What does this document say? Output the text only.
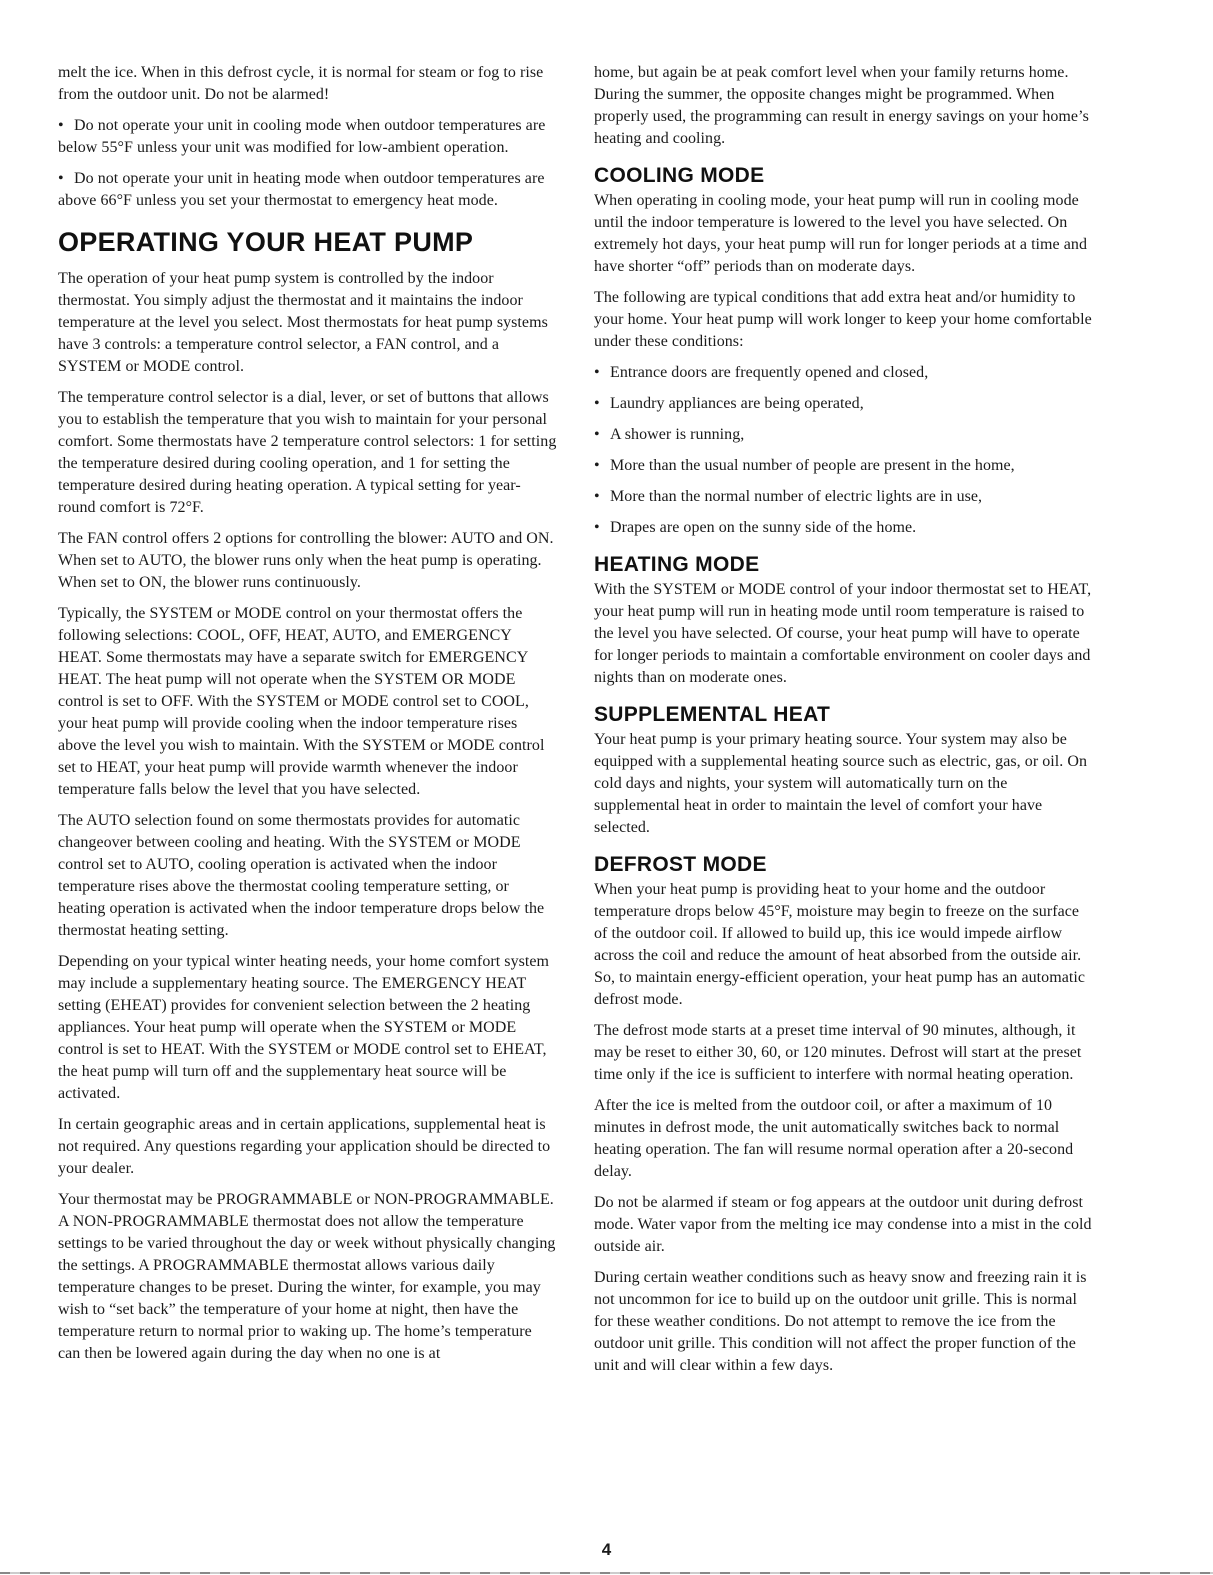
melt the ice. When in this defrost cycle, it is normal for steam or fog to rise from the outdoor unit. Do not be alarmed!

• Do not operate your unit in cooling mode when outdoor temperatures are below 55°F unless your unit was modified for low-ambient operation.

• Do not operate your unit in heating mode when outdoor temperatures are above 66°F unless you set your thermostat to emergency heat mode.

OPERATING YOUR HEAT PUMP

The operation of your heat pump system is controlled by the indoor thermostat. You simply adjust the thermostat and it maintains the indoor temperature at the level you select. Most thermostats for heat pump systems have 3 controls: a temperature control selector, a FAN control, and a SYSTEM or MODE control.

The temperature control selector is a dial, lever, or set of buttons that allows you to establish the temperature that you wish to maintain for your personal comfort. Some thermostats have 2 temperature control selectors: 1 for setting the temperature desired during cooling operation, and 1 for setting the temperature desired during heating operation. A typical setting for year-round comfort is 72°F.

The FAN control offers 2 options for controlling the blower: AUTO and ON. When set to AUTO, the blower runs only when the heat pump is operating. When set to ON, the blower runs continuously.

Typically, the SYSTEM or MODE control on your thermostat offers the following selections: COOL, OFF, HEAT, AUTO, and EMERGENCY HEAT. Some thermostats may have a separate switch for EMERGENCY HEAT. The heat pump will not operate when the SYSTEM OR MODE control is set to OFF. With the SYSTEM or MODE control set to COOL, your heat pump will provide cooling when the indoor temperature rises above the level you wish to maintain. With the SYSTEM or MODE control set to HEAT, your heat pump will provide warmth whenever the indoor temperature falls below the level that you have selected.

The AUTO selection found on some thermostats provides for automatic changeover between cooling and heating. With the SYSTEM or MODE control set to AUTO, cooling operation is activated when the indoor temperature rises above the thermostat cooling temperature setting, or heating operation is activated when the indoor temperature drops below the thermostat heating setting.

Depending on your typical winter heating needs, your home comfort system may include a supplementary heating source. The EMERGENCY HEAT setting (EHEAT) provides for convenient selection between the 2 heating appliances. Your heat pump will operate when the SYSTEM or MODE control is set to HEAT. With the SYSTEM or MODE control set to EHEAT, the heat pump will turn off and the supplementary heat source will be activated.

In certain geographic areas and in certain applications, supplemental heat is not required. Any questions regarding your application should be directed to your dealer.

Your thermostat may be PROGRAMMABLE or NON-PROGRAMMABLE. A NON-PROGRAMMABLE thermostat does not allow the temperature settings to be varied throughout the day or week without physically changing the settings. A PROGRAMMABLE thermostat allows various daily temperature changes to be preset. During the winter, for example, you may wish to “set back” the temperature of your home at night, then have the temperature return to normal prior to waking up. The home’s temperature can then be lowered again during the day when no one is at

home, but again be at peak comfort level when your family returns home. During the summer, the opposite changes might be programmed. When properly used, the programming can result in energy savings on your home’s heating and cooling.

COOLING MODE

When operating in cooling mode, your heat pump will run in cooling mode until the indoor temperature is lowered to the level you have selected. On extremely hot days, your heat pump will run for longer periods at a time and have shorter “off” periods than on moderate days.

The following are typical conditions that add extra heat and/or humidity to your home. Your heat pump will work longer to keep your home comfortable under these conditions:

• Entrance doors are frequently opened and closed,

• Laundry appliances are being operated,

• A shower is running,

• More than the usual number of people are present in the home,

• More than the normal number of electric lights are in use,

• Drapes are open on the sunny side of the home.

HEATING MODE

With the SYSTEM or MODE control of your indoor thermostat set to HEAT, your heat pump will run in heating mode until room temperature is raised to the level you have selected. Of course, your heat pump will have to operate for longer periods to maintain a comfortable environment on cooler days and nights than on moderate ones.

SUPPLEMENTAL HEAT

Your heat pump is your primary heating source. Your system may also be equipped with a supplemental heating source such as electric, gas, or oil. On cold days and nights, your system will automatically turn on the supplemental heat in order to maintain the level of comfort your have selected.

DEFROST MODE

When your heat pump is providing heat to your home and the outdoor temperature drops below 45°F, moisture may begin to freeze on the surface of the outdoor coil. If allowed to build up, this ice would impede airflow across the coil and reduce the amount of heat absorbed from the outside air. So, to maintain energy-efficient operation, your heat pump has an automatic defrost mode.

The defrost mode starts at a preset time interval of 90 minutes, although, it may be reset to either 30, 60, or 120 minutes. Defrost will start at the preset time only if the ice is sufficient to interfere with normal heating operation.

After the ice is melted from the outdoor coil, or after a maximum of 10 minutes in defrost mode, the unit automatically switches back to normal heating operation. The fan will resume normal operation after a 20-second delay.

Do not be alarmed if steam or fog appears at the outdoor unit during defrost mode. Water vapor from the melting ice may condense into a mist in the cold outside air.

During certain weather conditions such as heavy snow and freezing rain it is not uncommon for ice to build up on the outdoor unit grille. This is normal for these weather conditions. Do not attempt to remove the ice from the outdoor unit grille. This condition will not affect the proper function of the unit and will clear within a few days.

4
